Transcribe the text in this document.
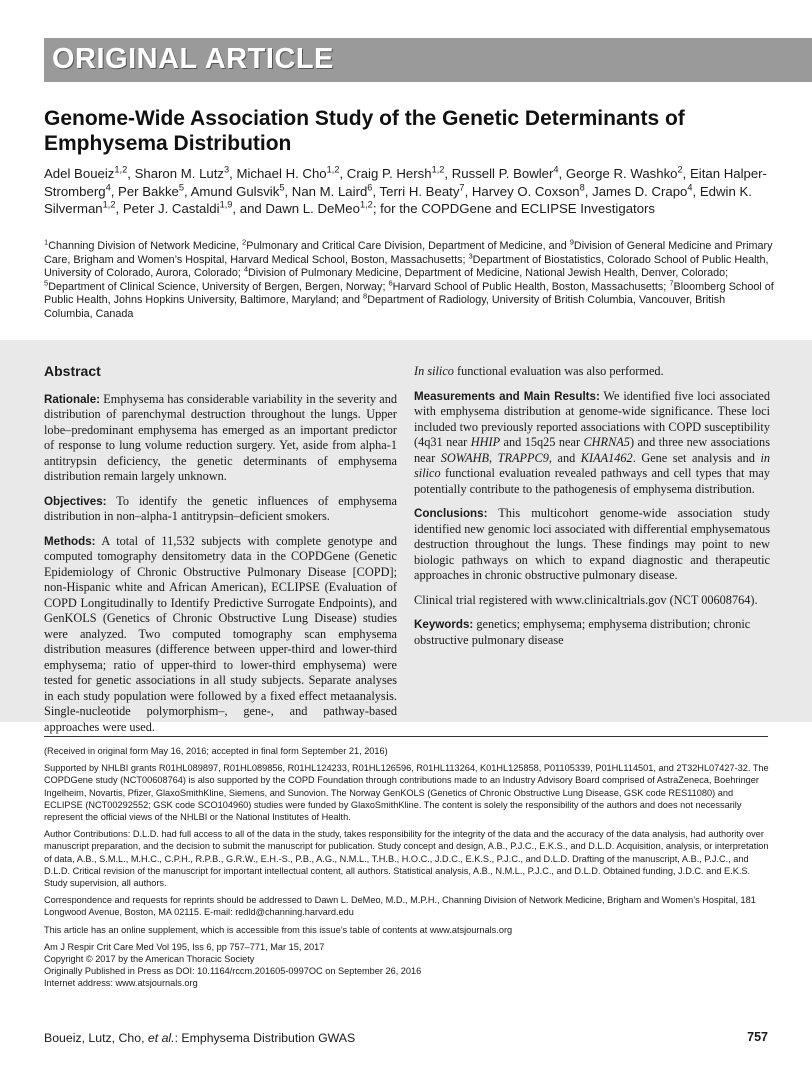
ORIGINAL ARTICLE
Genome-Wide Association Study of the Genetic Determinants of Emphysema Distribution
Adel Boueiz$^{1,2}$, Sharon M. Lutz$^3$, Michael H. Cho$^{1,2}$, Craig P. Hersh$^{1,2}$, Russell P. Bowler$^4$, George R. Washko$^2$, Eitan Halper-Stromberg$^4$, Per Bakke$^5$, Amund Gulsvik$^5$, Nan M. Laird$^6$, Terri H. Beaty$^7$, Harvey O. Coxson$^8$, James D. Crapo$^4$, Edwin K. Silverman$^{1,2}$, Peter J. Castaldi$^{1,9}$, and Dawn L. DeMeo$^{1,2}$; for the COPDGene and ECLIPSE Investigators
$^1$Channing Division of Network Medicine, $^2$Pulmonary and Critical Care Division, Department of Medicine, and $^9$Division of General Medicine and Primary Care, Brigham and Women’s Hospital, Harvard Medical School, Boston, Massachusetts; $^3$Department of Biostatistics, Colorado School of Public Health, University of Colorado, Aurora, Colorado; $^4$Division of Pulmonary Medicine, Department of Medicine, National Jewish Health, Denver, Colorado; $^5$Department of Clinical Science, University of Bergen, Bergen, Norway; $^6$Harvard School of Public Health, Boston, Massachusetts; $^7$Bloomberg School of Public Health, Johns Hopkins University, Baltimore, Maryland; and $^8$Department of Radiology, University of British Columbia, Vancouver, British Columbia, Canada
Abstract

Rationale: Emphysema has considerable variability in the severity and distribution of parenchymal destruction throughout the lungs. Upper lobe–predominant emphysema has emerged as an important predictor of response to lung volume reduction surgery. Yet, aside from alpha-1 antitrypsin deficiency, the genetic determinants of emphysema distribution remain largely unknown.

Objectives: To identify the genetic influences of emphysema distribution in non–alpha-1 antitrypsin–deficient smokers.

Methods: A total of 11,532 subjects with complete genotype and computed tomography densitometry data in the COPDGene (Genetic Epidemiology of Chronic Obstructive Pulmonary Disease [COPD]; non-Hispanic white and African American), ECLIPSE (Evaluation of COPD Longitudinally to Identify Predictive Surrogate Endpoints), and GenKOLS (Genetics of Chronic Obstructive Lung Disease) studies were analyzed. Two computed tomography scan emphysema distribution measures (difference between upper-third and lower-third emphysema; ratio of upper-third to lower-third emphysema) were tested for genetic associations in all study subjects. Separate analyses in each study population were followed by a fixed effect metaanalysis. Single-nucleotide polymorphism–, gene-, and pathway-based approaches were used.

In silico functional evaluation was also performed.

Measurements and Main Results: We identified five loci associated with emphysema distribution at genome-wide significance. These loci included two previously reported associations with COPD susceptibility (4q31 near HHIP and 15q25 near CHRNA5) and three new associations near SOWAHB, TRAPPC9, and KIAA1462. Gene set analysis and in silico functional evaluation revealed pathways and cell types that may potentially contribute to the pathogenesis of emphysema distribution.

Conclusions: This multicohort genome-wide association study identified new genomic loci associated with differential emphysematous destruction throughout the lungs. These findings may point to new biologic pathways on which to expand diagnostic and therapeutic approaches in chronic obstructive pulmonary disease.

Clinical trial registered with www.clinicaltrials.gov (NCT 00608764).

Keywords: genetics; emphysema; emphysema distribution; chronic obstructive pulmonary disease

(Received in original form May 16, 2016; accepted in final form September 21, 2016)

Supported by NHLBI grants R01HL089897, R01HL089856, R01HL124233, R01HL126596, R01HL113264, K01HL125858, P01105339, P01HL114501, and 2T32HL07427-32. The COPDGene study (NCT00608764) is also supported by the COPD Foundation through contributions made to an Industry Advisory Board comprised of AstraZeneca, Boehringer Ingelheim, Novartis, Pfizer, GlaxoSmithKline, Siemens, and Sunovion. The Norway GenKOLS (Genetics of Chronic Obstructive Lung Disease, GSK code RES11080) and ECLIPSE (NCT00292552; GSK code SCO104960) studies were funded by GlaxoSmithKline. The content is solely the responsibility of the authors and does not necessarily represent the official views of the NHLBI or the National Institutes of Health.

Author Contributions: D.L.D. had full access to all of the data in the study, takes responsibility for the integrity of the data and the accuracy of the data analysis, had authority over manuscript preparation, and the decision to submit the manuscript for publication. Study concept and design, A.B., P.J.C., E.K.S., and D.L.D. Acquisition, analysis, or interpretation of data, A.B., S.M.L., M.H.C., C.P.H., R.P.B., G.R.W., E.H.-S., P.B., A.G., N.M.L., T.H.B., H.O.C., J.D.C., E.K.S., P.J.C., and D.L.D. Drafting of the manuscript, A.B., P.J.C., and D.L.D. Critical revision of the manuscript for important intellectual content, all authors. Statistical analysis, A.B., N.M.L., P.J.C., and D.L.D. Obtained funding, J.D.C. and E.K.S. Study supervision, all authors.

Correspondence and requests for reprints should be addressed to Dawn L. DeMeo, M.D., M.P.H., Channing Division of Network Medicine, Brigham and Women’s Hospital, 181 Longwood Avenue, Boston, MA 02115. E-mail: redld@channing.harvard.edu

This article has an online supplement, which is accessible from this issue’s table of contents at www.atsjournals.org

Am J Respir Crit Care Med Vol 195, Iss 6, pp 757–771, Mar 15, 2017
Copyright © 2017 by the American Thoracic Society
Originally Published in Press as DOI: 10.1164/rccm.201605-0997OC on September 26, 2016
Internet address: www.atsjournals.org
Boueiz, Lutz, Cho, et al.: Emphysema Distribution GWAS	757
